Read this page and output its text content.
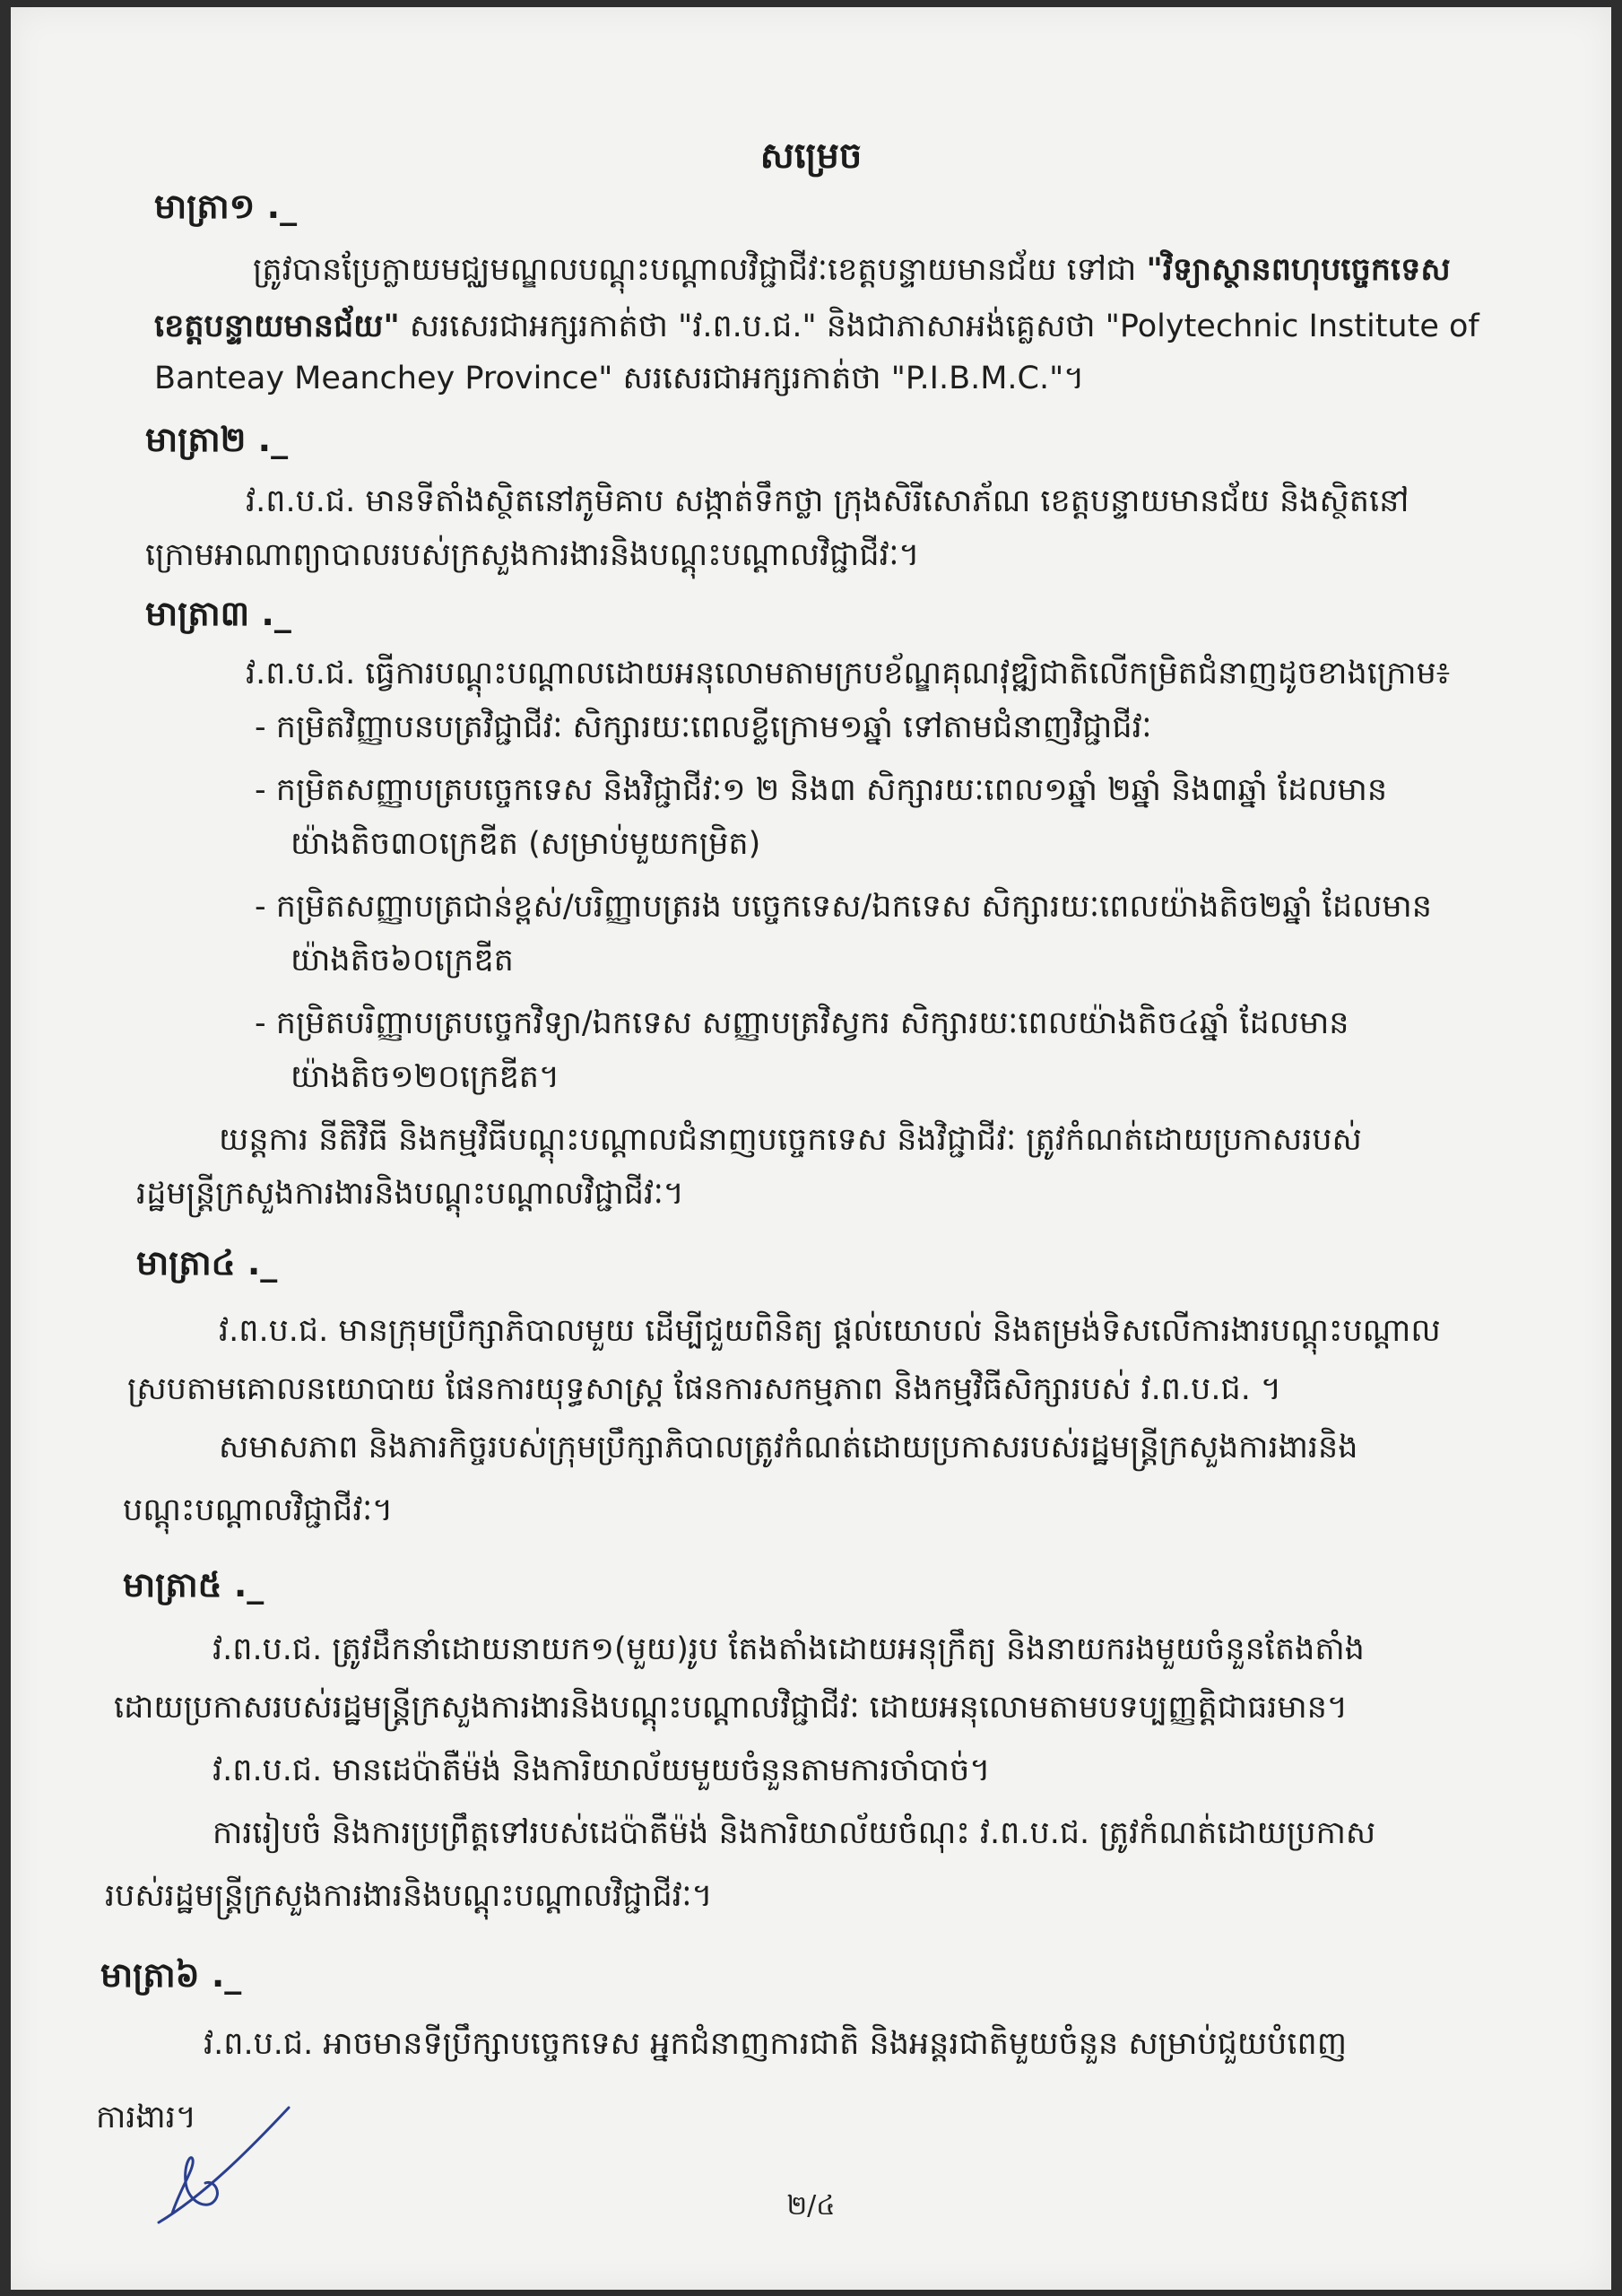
សម្រេច
មាត្រា១ ._
ត្រូវបានប្រែក្លាយមជ្ឈមណ្ឌលបណ្តុះបណ្តាលវិជ្ជាជីវៈខេត្តបន្ទាយមានជ័យ ទៅជា "វិទ្យាស្ថានពហុបច្ចេកទេស
ខេត្តបន្ទាយមានជ័យ" សរសេរជាអក្សរកាត់ថា "វ.ព.ប.ជ." និងជាភាសាអង់គ្លេសថា "Polytechnic Institute of
Banteay Meanchey Province" សរសេរជាអក្សរកាត់ថា "P.I.B.M.C."។
មាត្រា២ ._
វ.ព.ប.ជ. មានទីតាំងស្ថិតនៅភូមិគាប សង្កាត់ទឹកថ្លា ក្រុងសិរីសោភ័ណ ខេត្តបន្ទាយមានជ័យ និងស្ថិតនៅ
ក្រោមអាណាព្យាបាលរបស់ក្រសួងការងារនិងបណ្តុះបណ្តាលវិជ្ជាជីវៈ។
មាត្រា៣ ._
វ.ព.ប.ជ. ធ្វើការបណ្តុះបណ្តាលដោយអនុលោមតាមក្របខ័ណ្ឌគុណវុឌ្ឍិជាតិលើកម្រិតជំនាញដូចខាងក្រោម៖
- កម្រិតវិញ្ញាបនបត្រវិជ្ជាជីវៈ សិក្សារយៈពេលខ្លីក្រោម១ឆ្នាំ ទៅតាមជំនាញវិជ្ជាជីវៈ
- កម្រិតសញ្ញាបត្របច្ចេកទេស និងវិជ្ជាជីវៈ១ ២ និង៣ សិក្សារយៈពេល១ឆ្នាំ ២ឆ្នាំ និង៣ឆ្នាំ ដែលមាន
យ៉ាងតិច៣០ក្រេឌីត (សម្រាប់មួយកម្រិត)
- កម្រិតសញ្ញាបត្រជាន់ខ្ពស់/បរិញ្ញាបត្ររង បច្ចេកទេស/ឯកទេស សិក្សារយៈពេលយ៉ាងតិច២ឆ្នាំ ដែលមាន
យ៉ាងតិច៦០ក្រេឌីត
- កម្រិតបរិញ្ញាបត្របច្ចេកវិទ្យា/ឯកទេស សញ្ញាបត្រវិស្វករ សិក្សារយៈពេលយ៉ាងតិច៤ឆ្នាំ ដែលមាន
យ៉ាងតិច១២០ក្រេឌីត។
យន្តការ នីតិវិធី និងកម្មវិធីបណ្តុះបណ្តាលជំនាញបច្ចេកទេស និងវិជ្ជាជីវៈ ត្រូវកំណត់ដោយប្រកាសរបស់
រដ្ឋមន្ត្រីក្រសួងការងារនិងបណ្តុះបណ្តាលវិជ្ជាជីវៈ។
មាត្រា៤ ._
វ.ព.ប.ជ. មានក្រុមប្រឹក្សាភិបាលមួយ ដើម្បីជួយពិនិត្យ ផ្តល់យោបល់ និងតម្រង់ទិសលើការងារបណ្តុះបណ្តាល
ស្របតាមគោលនយោបាយ ផែនការយុទ្ធសាស្ត្រ ផែនការសកម្មភាព និងកម្មវិធីសិក្សារបស់ វ.ព.ប.ជ. ។
សមាសភាព និងភារកិច្ចរបស់ក្រុមប្រឹក្សាភិបាលត្រូវកំណត់ដោយប្រកាសរបស់រដ្ឋមន្ត្រីក្រសួងការងារនិង
បណ្តុះបណ្តាលវិជ្ជាជីវៈ។
មាត្រា៥ ._
វ.ព.ប.ជ. ត្រូវដឹកនាំដោយនាយក១(មួយ)រូប តែងតាំងដោយអនុក្រឹត្យ និងនាយករងមួយចំនួនតែងតាំង
ដោយប្រកាសរបស់រដ្ឋមន្ត្រីក្រសួងការងារនិងបណ្តុះបណ្តាលវិជ្ជាជីវៈ ដោយអនុលោមតាមបទប្បញ្ញត្តិជាធរមាន។
វ.ព.ប.ជ. មានដេប៉ាតឺម៉ង់ និងការិយាល័យមួយចំនួនតាមការចាំបាច់។
ការរៀបចំ និងការប្រព្រឹត្តទៅរបស់ដេប៉ាតឺម៉ង់ និងការិយាល័យចំណុះ វ.ព.ប.ជ. ត្រូវកំណត់ដោយប្រកាស
របស់រដ្ឋមន្ត្រីក្រសួងការងារនិងបណ្តុះបណ្តាលវិជ្ជាជីវៈ។
មាត្រា៦ ._
វ.ព.ប.ជ. អាចមានទីប្រឹក្សាបច្ចេកទេស អ្នកជំនាញការជាតិ និងអន្តរជាតិមួយចំនួន សម្រាប់ជួយបំពេញ
ការងារ។
២/៤
